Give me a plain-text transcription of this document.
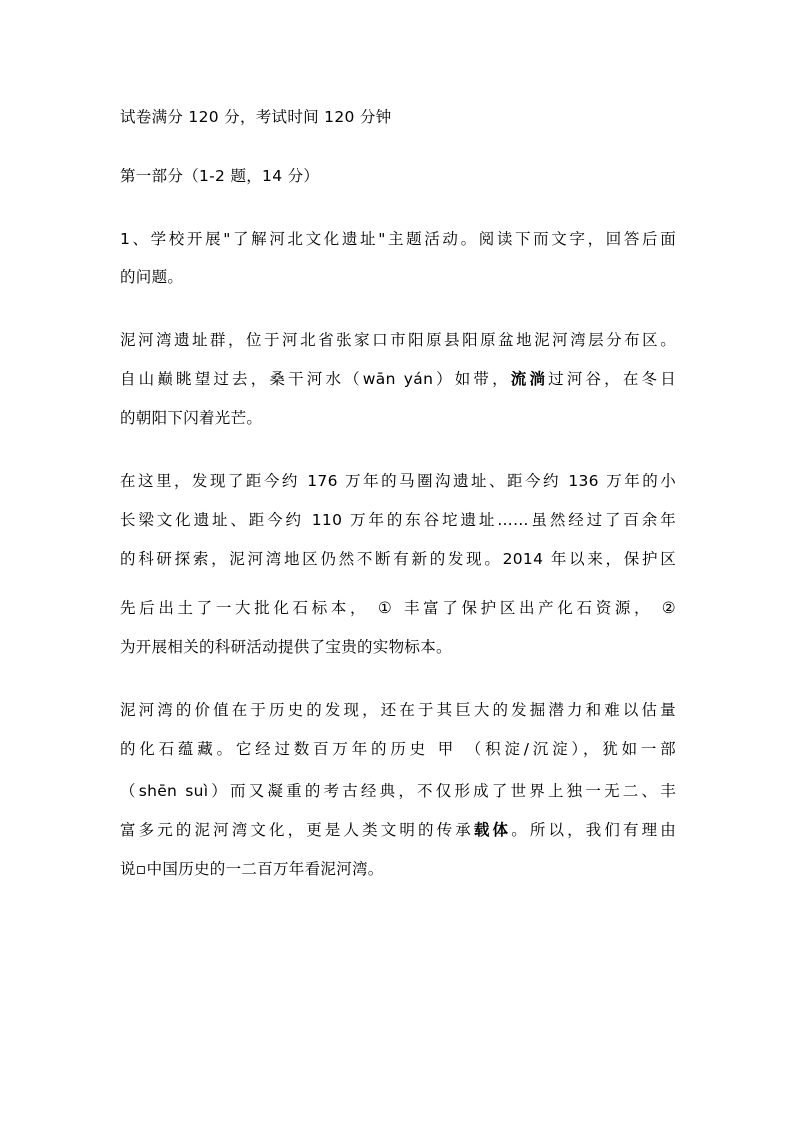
试卷满分 120 分，考试时间 120 分钟
第一部分（1-2 题，14 分）
1、学校开展"了解河北文化遗址"主题活动。阅读下而文字，回答后面
的问题。
泥河湾遗址群，位于河北省张家口市阳原县阳原盆地泥河湾层分布区。
自山巅眺望过去，桑干河水（wān yán）如带，流淌过河谷，在冬日
的朝阳下闪着光芒。
在这里，发现了距今约 176 万年的马圈沟遗址、距今约 136 万年的小
长梁文化遗址、距今约 110 万年的东谷坨遗址……虽然经过了百余年
的科研探索，泥河湾地区仍然不断有新的发现。2014 年以来，保护区
先后出土了一大批化石标本， ① 丰富了保护区出产化石资源， ②
为开展相关的科研活动提供了宝贵的实物标本。
泥河湾的价值在于历史的发现，还在于其巨大的发掘潜力和难以估量
的化石蕴藏。它经过数百万年的历史 甲 （积淀/沉淀），犹如一部
（shēn suì）而又凝重的考古经典，不仅形成了世界上独一无二、丰
富多元的泥河湾文化，更是人类文明的传承载体。所以，我们有理由
说▫中国历史的一二百万年看泥河湾。
